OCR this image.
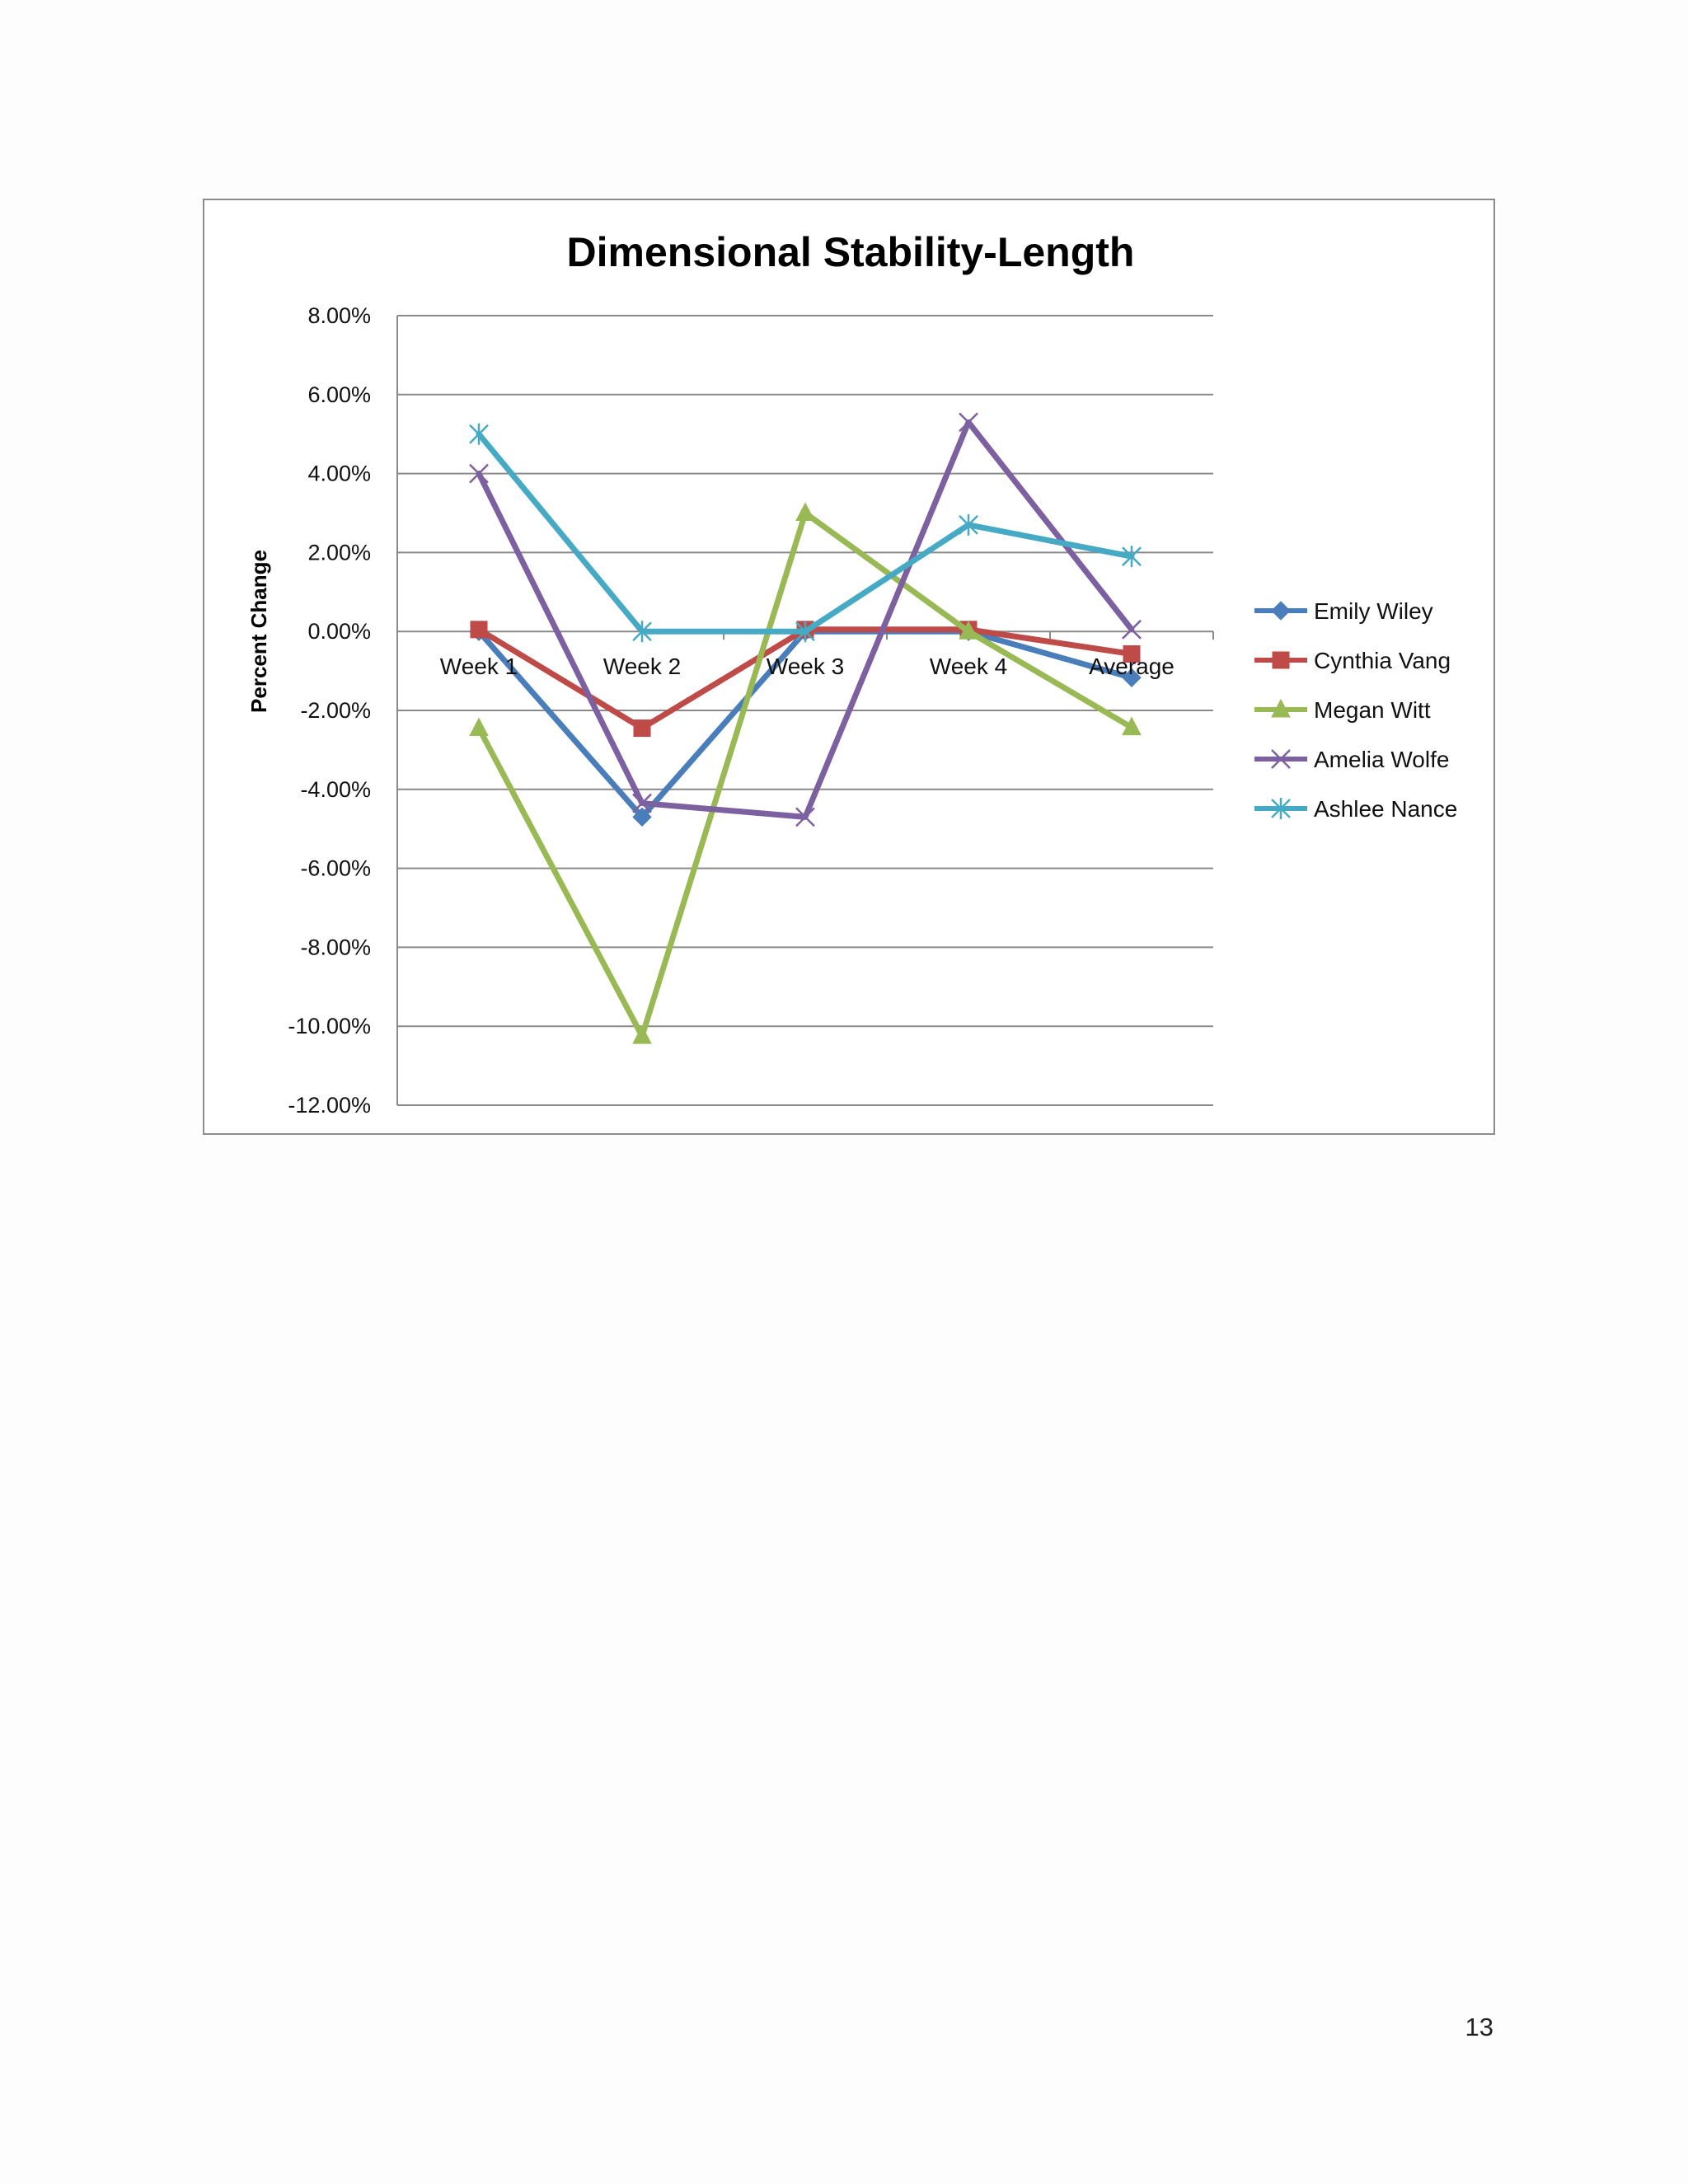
Dimensional Stability-Length
Percent Change
8.00%
6.00%
4.00%
2.00%
0.00%
-2.00%
-4.00%
-6.00%
-8.00%
-10.00%
-12.00%
Week 1	Week 2	Week 3	Week 4	Average
Emily Wiley
Cynthia Vang
Megan Witt
Amelia Wolfe
Ashlee Nance
13
